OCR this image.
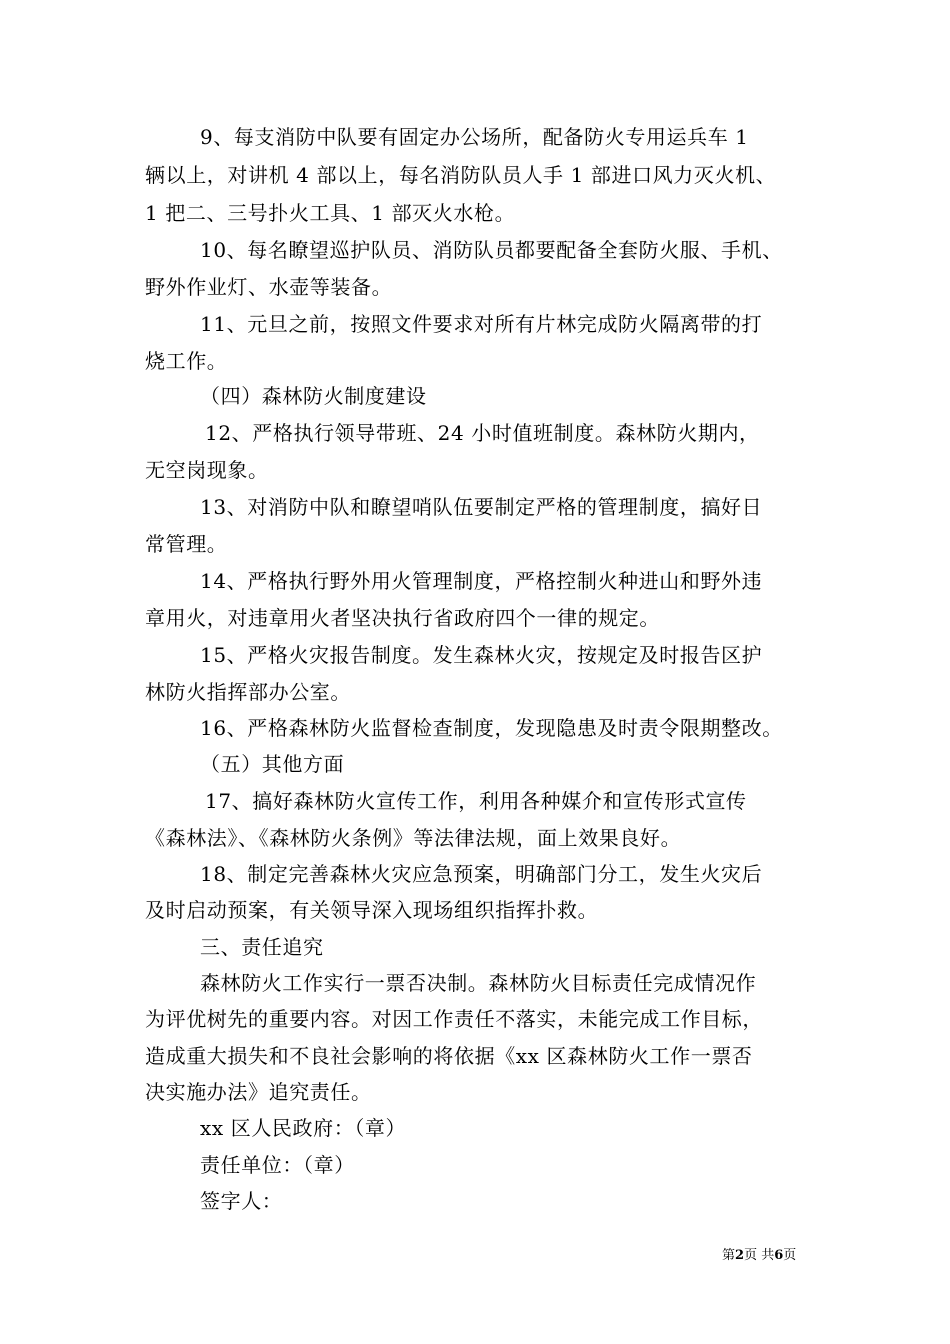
9、每支消防中队要有固定办公场所，配备防火专用运兵车 1
辆以上，对讲机 4 部以上，每名消防队员人手 1 部进口风力灭火机、
1 把二、三号扑火工具、1 部灭火水枪。
10、每名瞭望巡护队员、消防队员都要配备全套防火服、手机、
野外作业灯、水壶等装备。
11、元旦之前，按照文件要求对所有片林完成防火隔离带的打
烧工作。
（四）森林防火制度建设
12、严格执行领导带班、24 小时值班制度。森林防火期内，
无空岗现象。
13、对消防中队和瞭望哨队伍要制定严格的管理制度，搞好日
常管理。
14、严格执行野外用火管理制度，严格控制火种进山和野外违
章用火，对违章用火者坚决执行省政府四个一律的规定。
15、严格火灾报告制度。发生森林火灾，按规定及时报告区护
林防火指挥部办公室。
16、严格森林防火监督检查制度，发现隐患及时责令限期整改。
（五）其他方面
17、搞好森林防火宣传工作，利用各种媒介和宣传形式宣传
《森林法》、《森林防火条例》等法律法规，面上效果良好。
18、制定完善森林火灾应急预案，明确部门分工，发生火灾后
及时启动预案，有关领导深入现场组织指挥扑救。
三、责任追究
森林防火工作实行一票否决制。森林防火目标责任完成情况作
为评优树先的重要内容。对因工作责任不落实，未能完成工作目标，
造成重大损失和不良社会影响的将依据《xx 区森林防火工作一票否
决实施办法》追究责任。
xx 区人民政府：（章）
责任单位：（章）
签字人：
第2页 共6页
